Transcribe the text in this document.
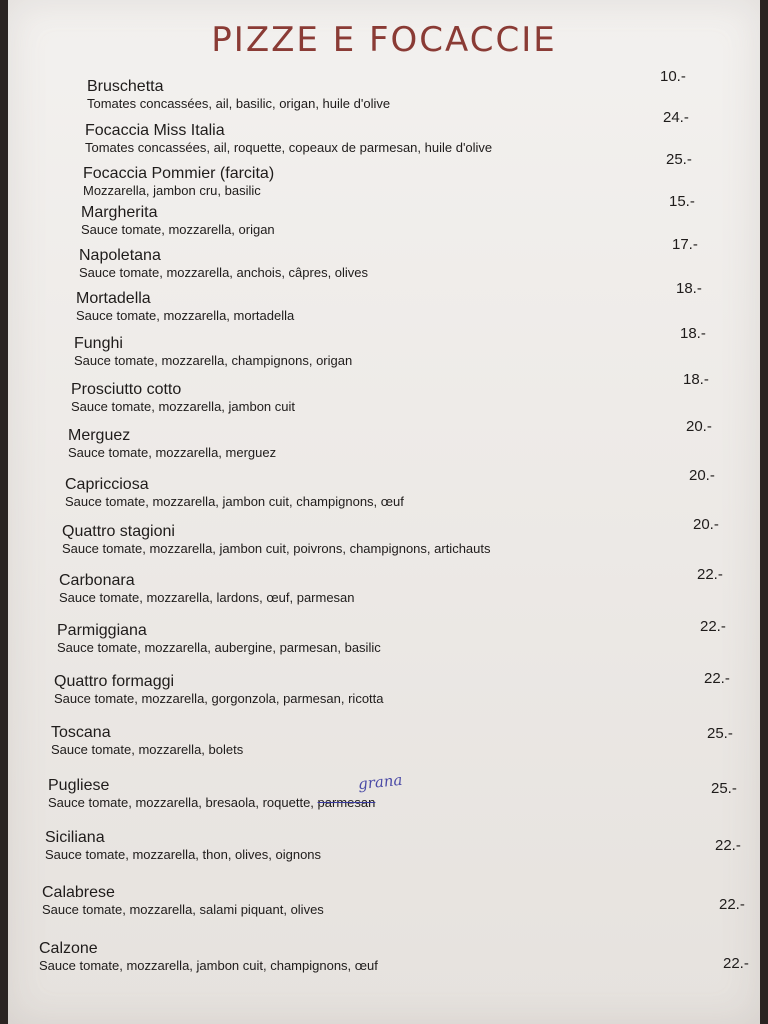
PIZZE E FOCACCIE
Bruschetta
Tomates concassées, ail, basilic, origan, huile d'olive
10.-
Focaccia Miss Italia
Tomates concassées, ail, roquette, copeaux de parmesan, huile d'olive
24.-
Focaccia Pommier (farcita)
Mozzarella, jambon cru, basilic
25.-
Margherita
Sauce tomate, mozzarella, origan
15.-
Napoletana
Sauce tomate, mozzarella, anchois, câpres, olives
17.-
Mortadella
Sauce tomate, mozzarella, mortadella
18.-
Funghi
Sauce tomate, mozzarella, champignons, origan
18.-
Prosciutto cotto
Sauce tomate, mozzarella, jambon cuit
18.-
Merguez
Sauce tomate, mozzarella, merguez
20.-
Capricciosa
Sauce tomate, mozzarella, jambon cuit, champignons, œuf
20.-
Quattro stagioni
Sauce tomate, mozzarella, jambon cuit, poivrons, champignons, artichauts
20.-
Carbonara
Sauce tomate, mozzarella, lardons, œuf, parmesan
22.-
Parmiggiana
Sauce tomate, mozzarella, aubergine, parmesan, basilic
22.-
Quattro formaggi
Sauce tomate, mozzarella, gorgonzola, parmesan, ricotta
22.-
Toscana
Sauce tomate, mozzarella, bolets
25.-
Pugliese
Sauce tomate, mozzarella, bresaola, roquette, parmesan
grana	25.-
Siciliana
Sauce tomate, mozzarella, thon, olives, oignons
22.-
Calabrese
Sauce tomate, mozzarella, salami piquant, olives	22.-
Calzone
Sauce tomate, mozzarella, jambon cuit, champignons, œuf	22.-
